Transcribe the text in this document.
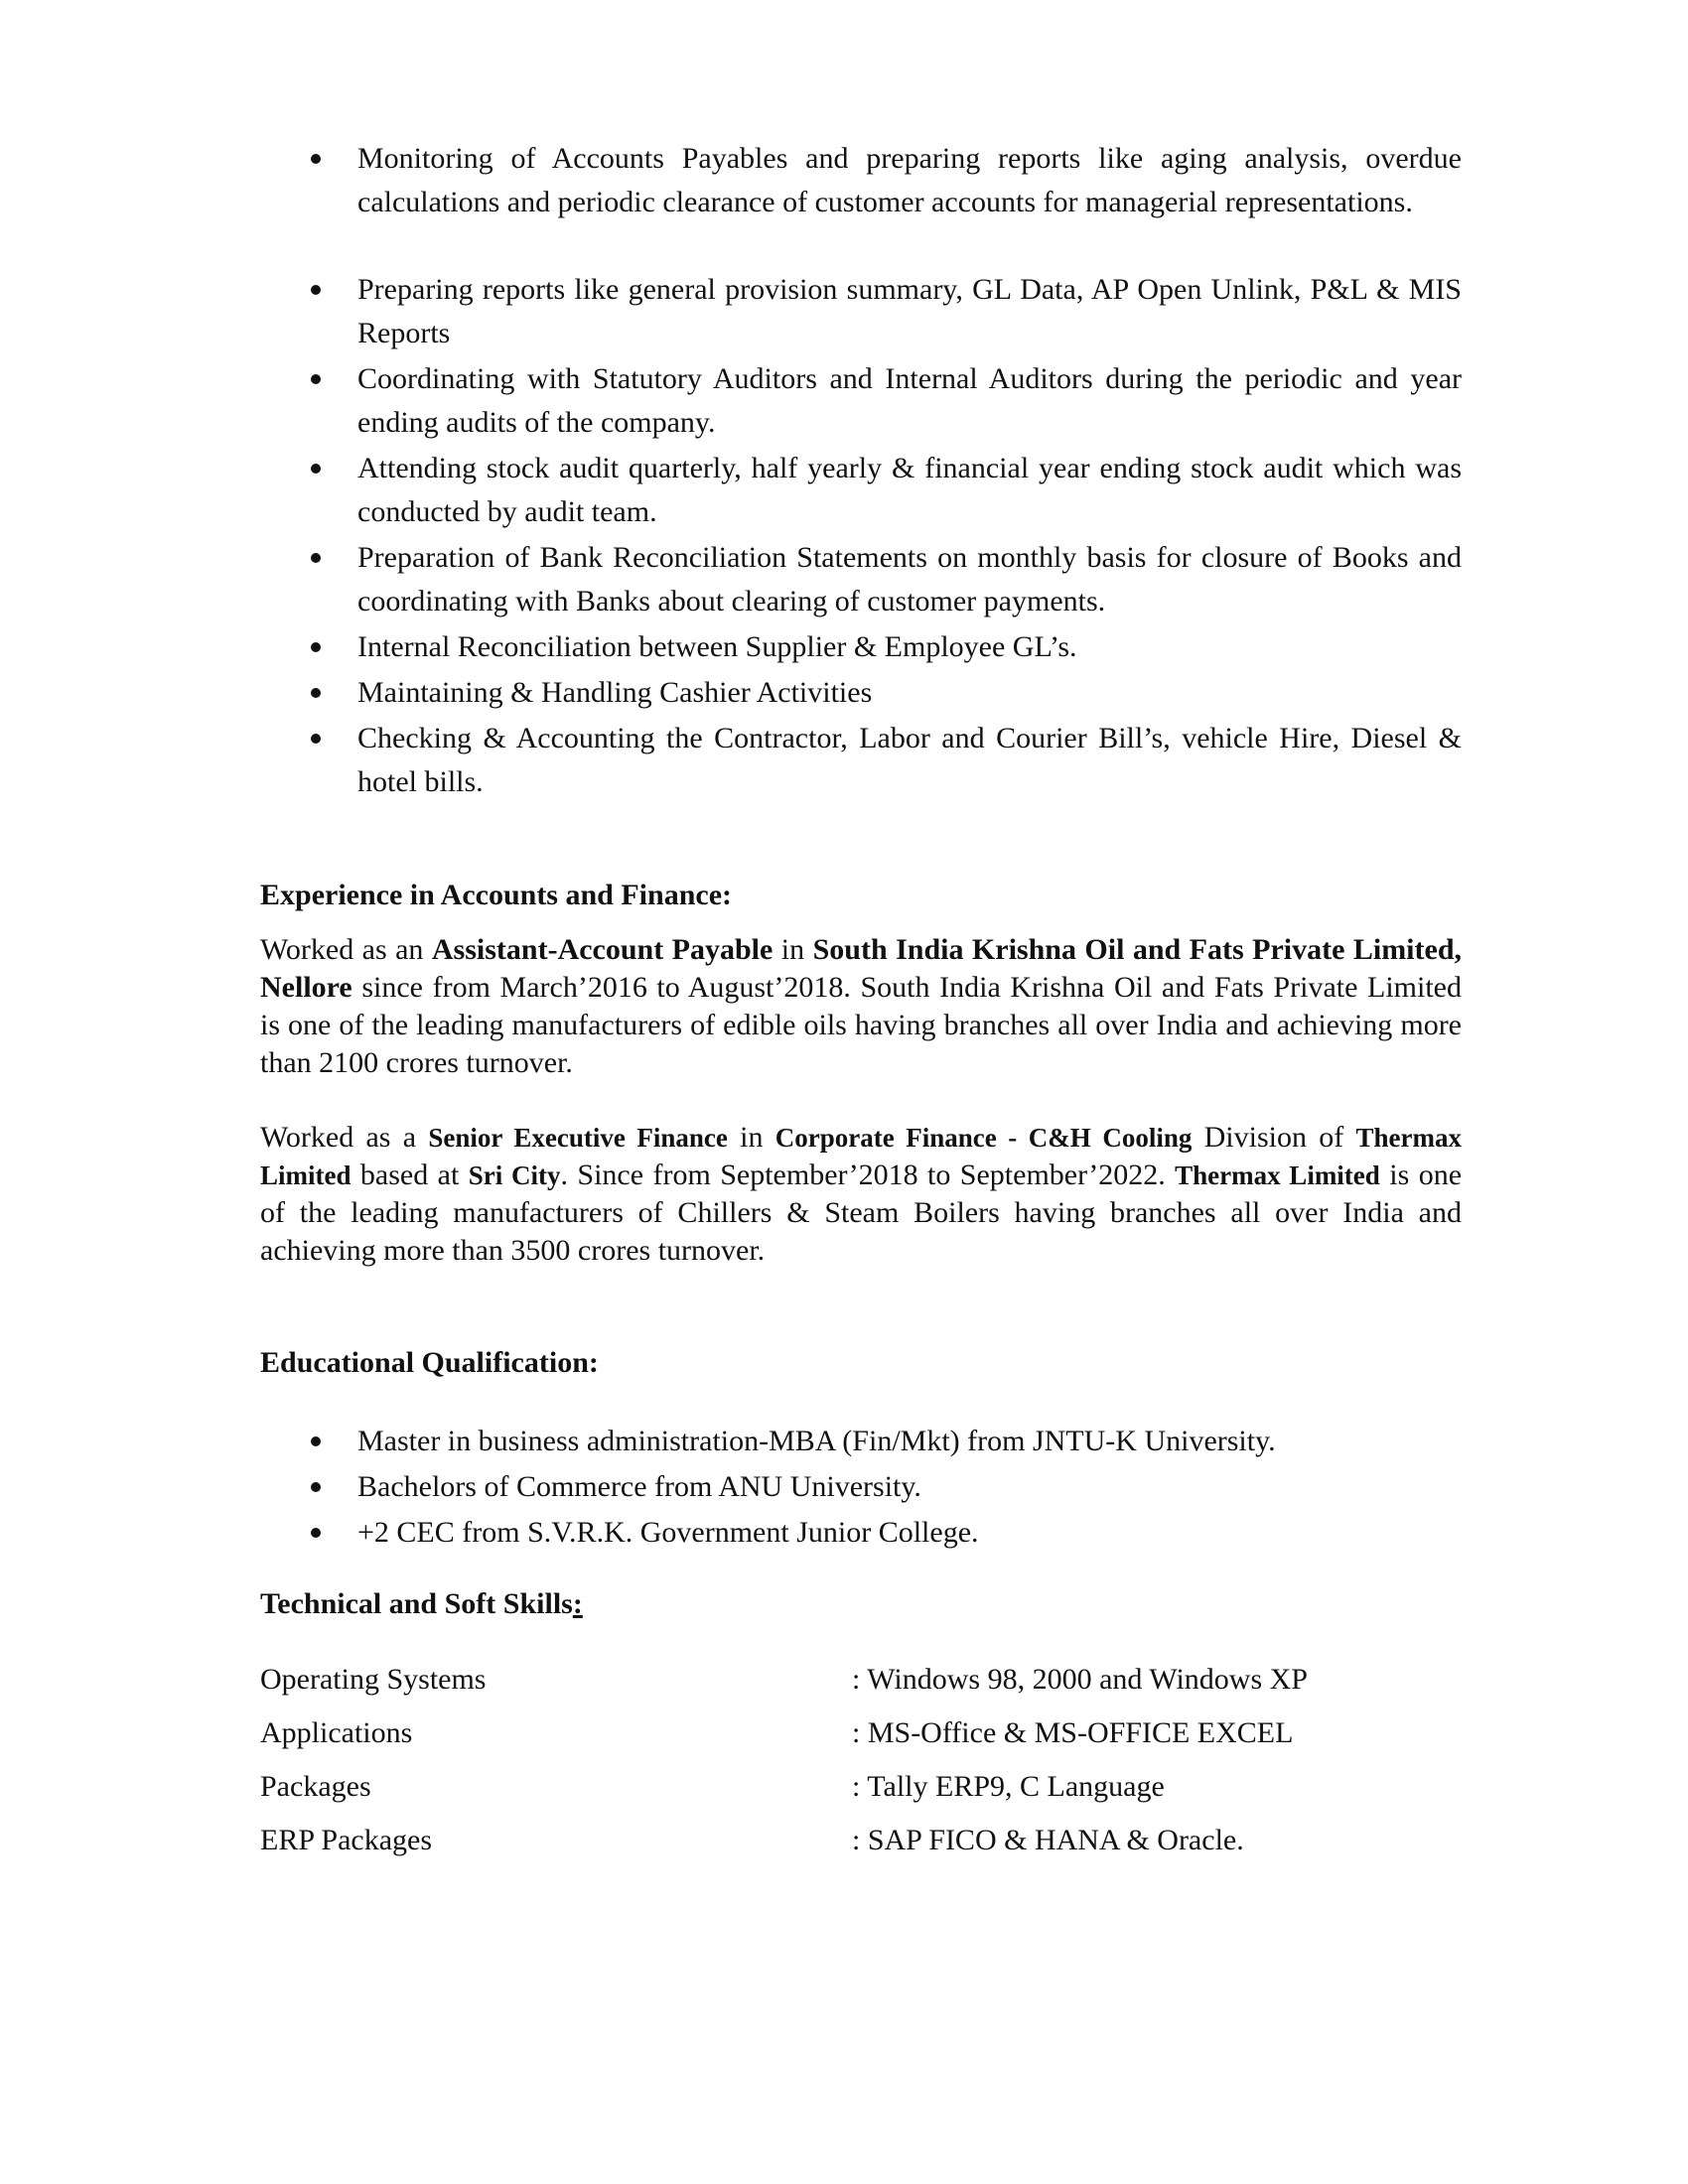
Monitoring of Accounts Payables and preparing reports like aging analysis, overdue calculations and periodic clearance of customer accounts for managerial representations.
Preparing reports like general provision summary, GL Data, AP Open Unlink, P&L & MIS Reports
Coordinating with Statutory Auditors and Internal Auditors during the periodic and year ending audits of the company.
Attending stock audit quarterly, half yearly & financial year ending stock audit which was conducted by audit team.
Preparation of Bank Reconciliation Statements on monthly basis for closure of Books and coordinating with Banks about clearing of customer payments.
Internal Reconciliation between Supplier & Employee GL’s.
Maintaining & Handling Cashier Activities
Checking & Accounting the Contractor, Labor and Courier Bill’s, vehicle Hire, Diesel & hotel bills.
Experience in Accounts and Finance:
Worked as an Assistant-Account Payable in South India Krishna Oil and Fats Private Limited, Nellore since from March’2016 to August’2018. South India Krishna Oil and Fats Private Limited is one of the leading manufacturers of edible oils having branches all over India and achieving more than 2100 crores turnover.
Worked as a Senior Executive Finance in Corporate Finance - C&H Cooling Division of Thermax Limited based at Sri City. Since from September’2018 to September’2022. Thermax Limited is one of the leading manufacturers of Chillers & Steam Boilers having branches all over India and achieving more than 3500 crores turnover.
Educational Qualification:
Master in business administration-MBA (Fin/Mkt) from JNTU-K University.
Bachelors of Commerce from ANU University.
+2 CEC from S.V.R.K. Government Junior College.
Technical and Soft Skills:
Operating Systems	: Windows 98, 2000 and Windows XP
Applications	: MS-Office & MS-OFFICE EXCEL
Packages	: Tally ERP9, C Language
ERP Packages	: SAP FICO & HANA & Oracle.
